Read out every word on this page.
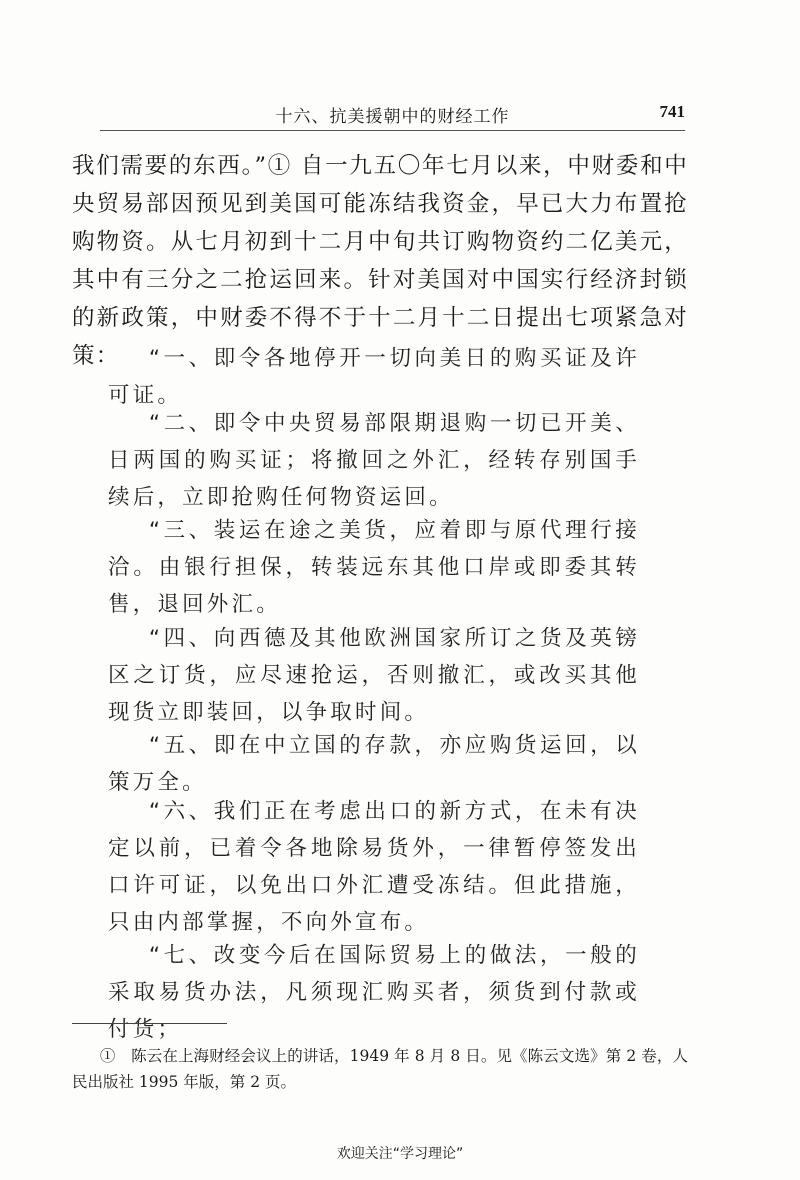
十六、抗美援朝中的财经工作	741

我们需要的东西。”① 自一九五〇年七月以来，中财委和中央贸易部因预见到美国可能冻结我资金，早已大力布置抢购物资。从七月初到十二月中旬共订购物资约二亿美元，其中有三分之二抢运回来。针对美国对中国实行经济封锁的新政策，中财委不得不于十二月十二日提出七项紧急对策：	“一、即令各地停开一切向美日的购买证及许可证。

“二、即令中央贸易部限期退购一切已开美、日两国的购买证；将撤回之外汇，经转存别国手续后，立即抢购任何物资运回。

“三、装运在途之美货，应着即与原代理行接洽。由银行担保，转装远东其他口岸或即委其转售，退回外汇。

“四、向西德及其他欧洲国家所订之货及英镑区之订货，应尽速抢运，否则撤汇，或改买其他现货立即装回，以争取时间。

“五、即在中立国的存款，亦应购货运回，以策万全。

“六、我们正在考虑出口的新方式，在未有决定以前，已着令各地除易货外，一律暂停签发出口许可证，以免出口外汇遭受冻结。但此措施，只由内部掌握，不向外宣布。

“七、改变今后在国际贸易上的做法，一般的采取易货办法，凡须现汇购买者，须货到付款或付货；

①　陈云在上海财经会议上的讲话，1949 年 8 月 8 日。见《陈云文选》第 2 卷，人民出版社 1995 年版，第 2 页。
欢迎关注“学习理论”
